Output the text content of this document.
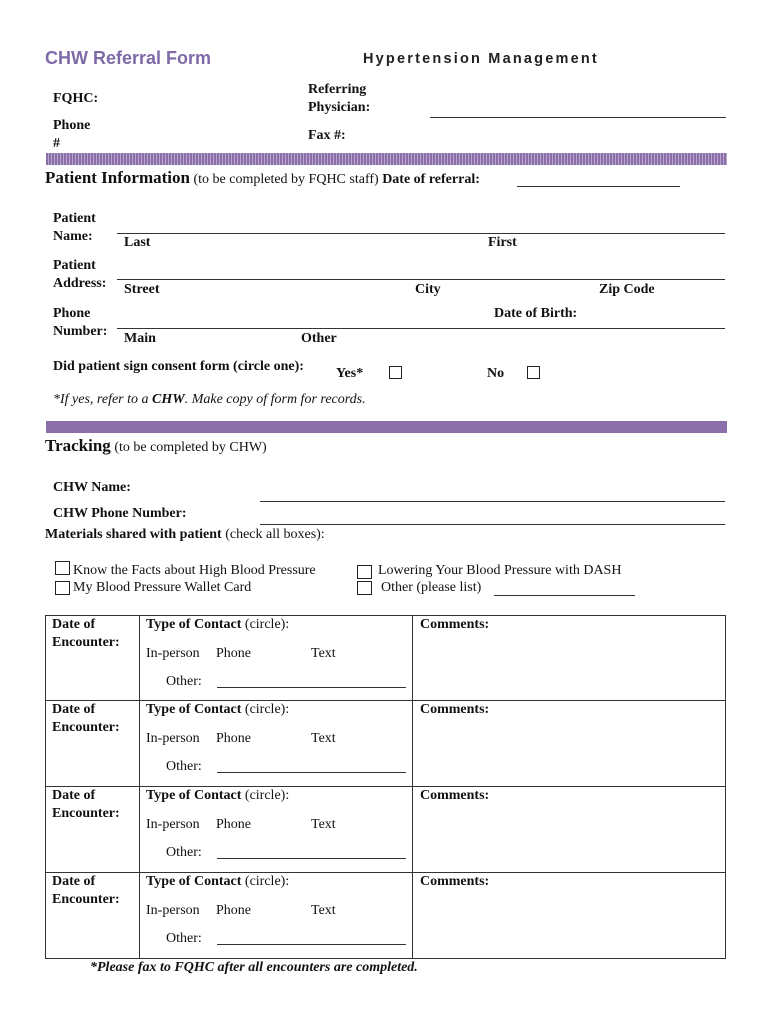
CHW Referral Form	Hypertension Management
FQHC:
Phone
#
Referring
Physician:
Fax #:
Patient Information (to be completed by FQHC staff) Date of referral:
Patient
Name: Last	First
Patient
Address: Street	City	Zip Code
Phone
Number:
Date of Birth:
Main	Other
Did patient sign consent form (circle one): Yes*	No
*If yes, refer to a CHW. Make copy of form for records.
Tracking (to be completed by CHW)
CHW Name:
CHW Phone Number:
Materials shared with patient (check all boxes):
Know the Facts about High Blood Pressure
My Blood Pressure Wallet Card
Lowering Your Blood Pressure with DASH
Other (please list)
Date of
Encounter:
Type of Contact (circle):
In-person Phone	Text
Other:
Comments:
Date of
Encounter:
Type of Contact (circle):
In-person Phone	Text
Other:
Comments:
Date of
Encounter:
Type of Contact (circle):
In-person Phone	Text
Other:
Comments:
Date of
Encounter:
Type of Contact (circle):
In-person Phone	Text
Other:
Comments:
*Please fax to FQHC after all encounters are completed.
